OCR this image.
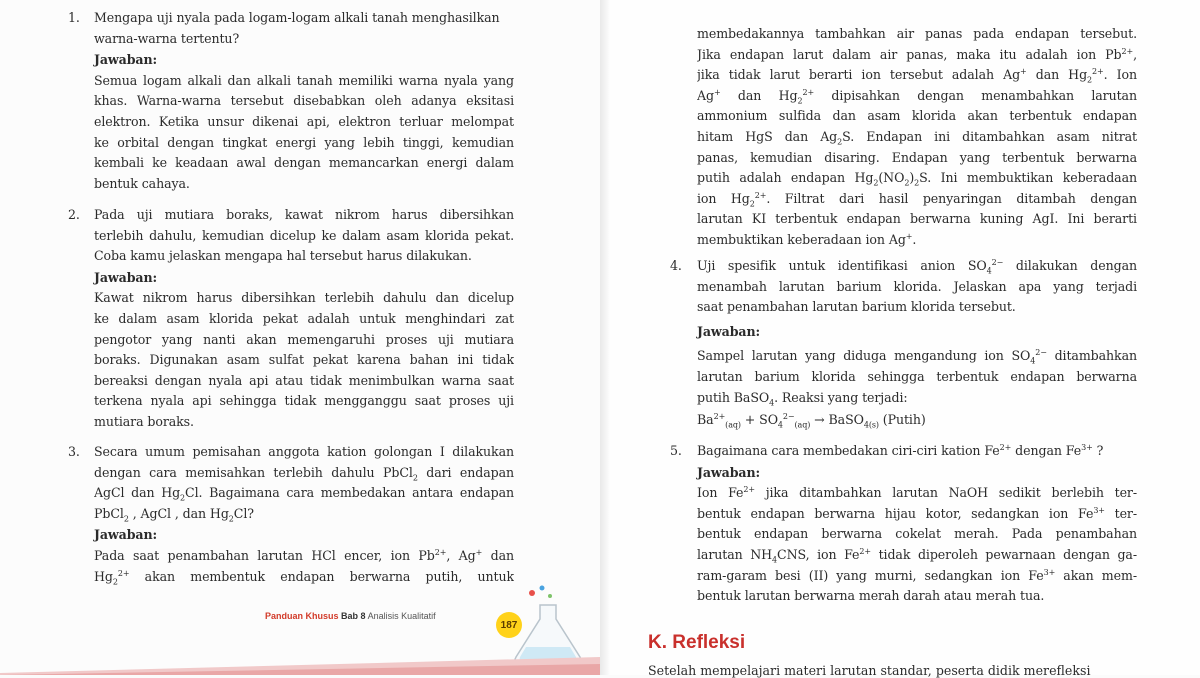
1.	Mengapa uji nyala pada logam-logam alkali tanah menghasilkan
warna-warna tertentu?
Jawaban:
Semua logam alkali dan alkali tanah memiliki warna nyala yang
khas. Warna-warna tersebut disebabkan oleh adanya eksitasi
elektron. Ketika unsur dikenai api, elektron terluar melompat
ke orbital dengan tingkat energi yang lebih tinggi, kemudian
kembali ke keadaan awal dengan memancarkan energi dalam
bentuk cahaya.
2.	Pada uji mutiara boraks, kawat nikrom harus dibersihkan
terlebih dahulu, kemudian dicelup ke dalam asam klorida pekat.
Coba kamu jelaskan mengapa hal tersebut harus dilakukan.
Jawaban:
Kawat nikrom harus dibersihkan terlebih dahulu dan dicelup
ke dalam asam klorida pekat adalah untuk menghindari zat
pengotor yang nanti akan memengaruhi proses uji mutiara
boraks. Digunakan asam sulfat pekat karena bahan ini tidak
bereaksi dengan nyala api atau tidak menimbulkan warna saat
terkena nyala api sehingga tidak mengganggu saat proses uji
mutiara boraks.
3.	Secara umum pemisahan anggota kation golongan I dilakukan
dengan cara memisahkan terlebih dahulu PbCl$_2$ dari endapan
AgCl dan $Hg_2Cl$. Bagaimana cara membedakan antara endapan
PbCl$_2$ , AgCl , dan $Hg_2Cl$?
Jawaban:
Pada saat penambahan larutan HCl encer, ion $Pb^{2+}$, Ag+ dan
$Hg_2^{2+}$ akan membentuk endapan berwarna putih, untuk
Panduan Khusus Bab 8 Analisis Kualitatif
187
membedakannya tambahkan air panas pada endapan tersebut.
Jika endapan larut dalam air panas, maka itu adalah ion $Pb^{2+}$,
jika tidak larut berarti ion tersebut adalah Ag+ dan $Hg_2^{2+}$. Ion
Ag+ dan $Hg_2^{2+}$ dipisahkan dengan menambahkan larutan
ammonium sulfida dan asam klorida akan terbentuk endapan
hitam HgS dan $Ag_2S$. Endapan ini ditambahkan asam nitrat
panas, kemudian disaring. Endapan yang terbentuk berwarna
putih adalah endapan $Hg_2(NO_2)_2S$. Ini membuktikan keberadaan
ion $Hg_2^{2+}$. Filtrat dari hasil penyaringan ditambah dengan
larutan KI terbentuk endapan berwarna kuning AgI. Ini berarti
membuktikan keberadaan ion Ag+.
4.	Uji spesifik untuk identifikasi anion $SO_4^{2-}$ dilakukan dengan
menambah larutan barium klorida. Jelaskan apa yang terjadi
saat penambahan larutan barium klorida tersebut.
Jawaban:
Sampel larutan yang diduga mengandung ion $SO_4^{2-}$ ditambahkan
larutan barium klorida sehingga terbentuk endapan berwarna
putih BaSO$_4$. Reaksi yang terjadi:
$Ba^{2+}_{(aq)} + SO_4^{2-}_{(aq)}$ → BaSO$_{4(s)}$ (Putih)
5.	Bagaimana cara membedakan ciri-ciri kation $Fe^{2+}$ dengan $Fe^{3+}$ ?
Jawaban:
Ion $Fe^{2+}$ jika ditambahkan larutan NaOH sedikit berlebih ter-
bentuk endapan berwarna hijau kotor, sedangkan ion $Fe^{3+}$ ter-
bentuk endapan berwarna cokelat merah. Pada penambahan
larutan $NH_4CNS$, ion $Fe^{2+}$ tidak diperoleh pewarnaan dengan ga-
ram-garam besi (II) yang murni, sedangkan ion $Fe^{3+}$ akan mem-
bentuk larutan berwarna merah darah atau merah tua.
K. Refleksi
Setelah mempelajari materi larutan standar, peserta didik merefleksi
